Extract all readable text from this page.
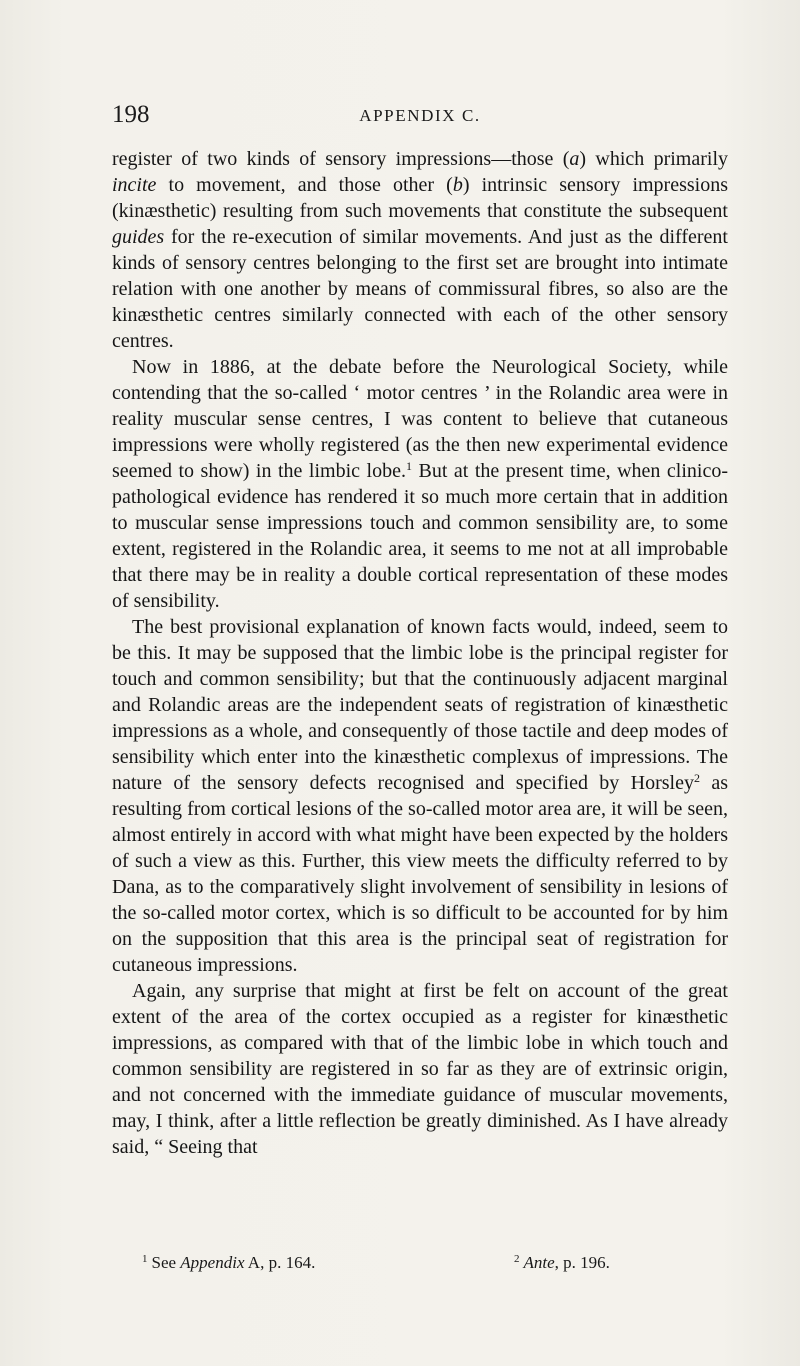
198	APPENDIX C.

register of two kinds of sensory impressions—those (a) which primarily incite to movement, and those other (b) intrinsic sensory impressions (kinæsthetic) resulting from such movements that constitute the subsequent guides for the re-execution of similar movements. And just as the different kinds of sensory centres belonging to the first set are brought into intimate relation with one another by means of commissural fibres, so also are the kinæsthetic centres similarly connected with each of the other sensory centres.

Now in 1886, at the debate before the Neurological Society, while contending that the so-called ‘ motor centres ’ in the Rolandic area were in reality muscular sense centres, I was content to believe that cutaneous impressions were wholly registered (as the then new experimental evidence seemed to show) in the limbic lobe.$^1$ But at the present time, when clinico-pathological evidence has rendered it so much more certain that in addition to muscular sense impressions touch and common sensibility are, to some extent, registered in the Rolandic area, it seems to me not at all improbable that there may be in reality a double cortical representation of these modes of sensibility.

The best provisional explanation of known facts would, indeed, seem to be this. It may be supposed that the limbic lobe is the principal register for touch and common sensibility; but that the continuously adjacent marginal and Rolandic areas are the independent seats of registration of kinæsthetic impressions as a whole, and consequently of those tactile and deep modes of sensibility which enter into the kinæsthetic complexus of impressions. The nature of the sensory defects recognised and specified by Horsley$^2$ as resulting from cortical lesions of the so-called motor area are, it will be seen, almost entirely in accord with what might have been expected by the holders of such a view as this. Further, this view meets the difficulty referred to by Dana, as to the comparatively slight involvement of sensibility in lesions of the so-called motor cortex, which is so difficult to be accounted for by him on the supposition that this area is the principal seat of registration for cutaneous impressions.

Again, any surprise that might at first be felt on account of the great extent of the area of the cortex occupied as a register for kinæsthetic impressions, as compared with that of the limbic lobe in which touch and common sensibility are registered in so far as they are of extrinsic origin, and not concerned with the immediate guidance of muscular movements, may, I think, after a little reflection be greatly diminished. As I have already said, “ Seeing that

$^1$ See Appendix A, p. 164.	$^2$ Ante, p. 196.
